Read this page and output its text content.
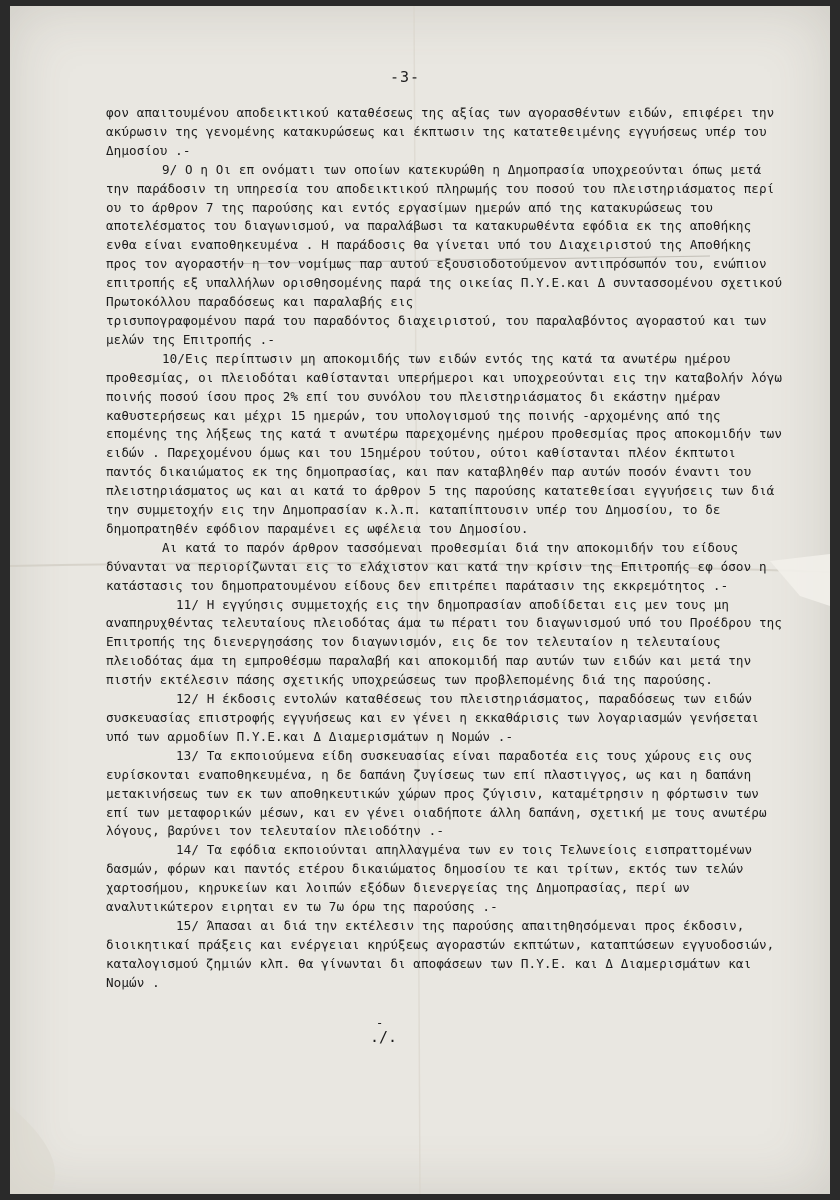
-3-

φον απαιτουμένου αποδεικτικού καταθέσεως της αξίας των αγορασθέντων ειδών, επιφέρει την ακύρωσιν της γενομένης κατακυρώσεως και έκπτωσιν της κατατεθειμένης εγγυήσεως υπέρ του Δημοσίου .-

9/ Ο η Οι επ ονόματι των οποίων κατεκυρώθη η Δημοπρασία υποχρεούνται όπως μετά την παράδοσιν τη υπηρεσία του αποδεικτικού πληρωμής του ποσού του πλειστηριάσματος περί ου το άρθρον 7 της παρούσης και εντός εργασίμων ημερών από της κατακυρώσεως του αποτελέσματος του διαγωνισμού, να παραλάβωσι τα κατακυρωθέντα εφόδια εκ της αποθήκης ενθα είναι εναποθηκευμένα . Η παράδοσις θα γίνεται υπό του Διαχειριστού της Αποθήκης προς τον αγοραστήν η τον νομίμως παρ αυτού εξουσιοδοτούμενον αντιπρόσωπόν του, ενώπιον επιτροπής εξ υπαλλήλων ορισθησομένης παρά της οικείας Π.Υ.Ε.και Δ συντασσομένου σχετικού Πρωτοκόλλου παραδόσεως και παραλαβής εις

τρισυπογραφομένου παρά του παραδόντος διαχειριστού, του παραλαβόντος αγοραστού και των μελών της Επιτροπής .-

10/Εις περίπτωσιν μη αποκομιδής των ειδών εντός της κατά τα ανωτέρω ημέρου προθεσμίας, οι πλειοδόται καθίστανται υπερήμεροι και υποχρεούνται εις την καταβολήν λόγω ποινής ποσού ίσου προς 2% επί του συνόλου του πλειστηριάσματος δι εκάστην ημέραν καθυστερήσεως και μέχρι 15 ημερών, του υπολογισμού της ποινής -αρχομένης από της επομένης της λήξεως της κατά τ ανωτέρω παρεχομένης ημέρου προθεσμίας προς αποκομιδήν των ειδών . Παρεχομένου όμως και του 15ημέρου τούτου, ούτοι καθίστανται πλέον έκπτωτοι παντός δικαιώματος εκ της δημοπρασίας, και παν καταβληθέν παρ αυτών ποσόν έναντι του πλειστηριάσματος ως και αι κατά το άρθρον 5 της παρούσης κατατεθείσαι εγγυήσεις των διά την συμμετοχήν εις την Δημοπρασίαν κ.λ.π. καταπίπτουσιν υπέρ του Δημοσίου, το δε δημοπρατηθέν εφόδιον παραμένει ες ωφέλεια του Δημοσίου.

Αι κατά το παρόν άρθρον τασσόμεναι προθεσμίαι διά την αποκομιδήν του είδους δύνανται να περιορίζωνται εις το ελάχιστον και κατά την κρίσιν της Επιτροπής εφ όσον η κατάστασις του δημοπρατουμένου είδους δεν επιτρέπει παράτασιν της εκκρεμότητος .-

11/ Η εγγύησις συμμετοχής εις την δημοπρασίαν αποδίδεται εις μεν τους μη αναπηρυχθέντας τελευταίους πλειοδότας άμα τω πέρατι του διαγωνισμού υπό του Προέδρου της Επιτροπής της διενεργησάσης τον διαγωνισμόν, εις δε τον τελευταίον η τελευταίους πλειοδότας άμα τη εμπροθέσμω παραλαβή και αποκομιδή παρ αυτών των ειδών και μετά την πιστήν εκτέλεσιν πάσης σχετικής υποχρεώσεως των προβλεπομένης διά της παρούσης.

12/ Η έκδοσις εντολών καταθέσεως του πλειστηριάσματος, παραδόσεως των ειδών συσκευασίας επιστροφής εγγυήσεως και εν γένει η εκκαθάρισις των λογαριασμών γενήσεται υπό των αρμοδίων Π.Υ.Ε.και Δ Διαμερισμάτων η Νομών .-

13/ Τα εκποιούμενα είδη συσκευασίας είναι παραδοτέα εις τους χώρους εις ους ευρίσκονται εναποθηκευμένα, η δε δαπάνη ζυγίσεως των επί πλαστιγγος, ως και η δαπάνη μετακινήσεως των εκ των αποθηκευτικών χώρων προς ζύγισιν, καταμέτρησιν η φόρτωσιν των επί των μεταφορικών μέσων, και εν γένει οιαδήποτε άλλη δαπάνη, σχετική με τους ανωτέρω λόγους, βαρύνει τον τελευταίον πλειοδότην .-

14/ Τα εφόδια εκποιούνται απηλλαγμένα των εν τοις Τελωνείοις εισπραττομένων δασμών, φόρων και παντός ετέρου δικαιώματος δημοσίου τε και τρίτων, εκτός των τελών χαρτοσήμου, κηρυκείων και λοιπών εξόδων διενεργείας της Δημοπρασίας, περί ων αναλυτικώτερον ειρηται εν τω 7ω όρω της παρούσης .-

15/ Άπασαι αι διά την εκτέλεσιν της παρούσης απαιτηθησόμεναι προς έκδοσιν, διοικητικαί πράξεις και ενέργειαι κηρύξεως αγοραστών εκπτώτων, καταπτώσεων εγγυοδοσιών, καταλογισμού ζημιών κλπ. θα γίνωνται δι αποφάσεων των Π.Υ.Ε. και Δ Διαμερισμάτων και Νομών .

-
./.
